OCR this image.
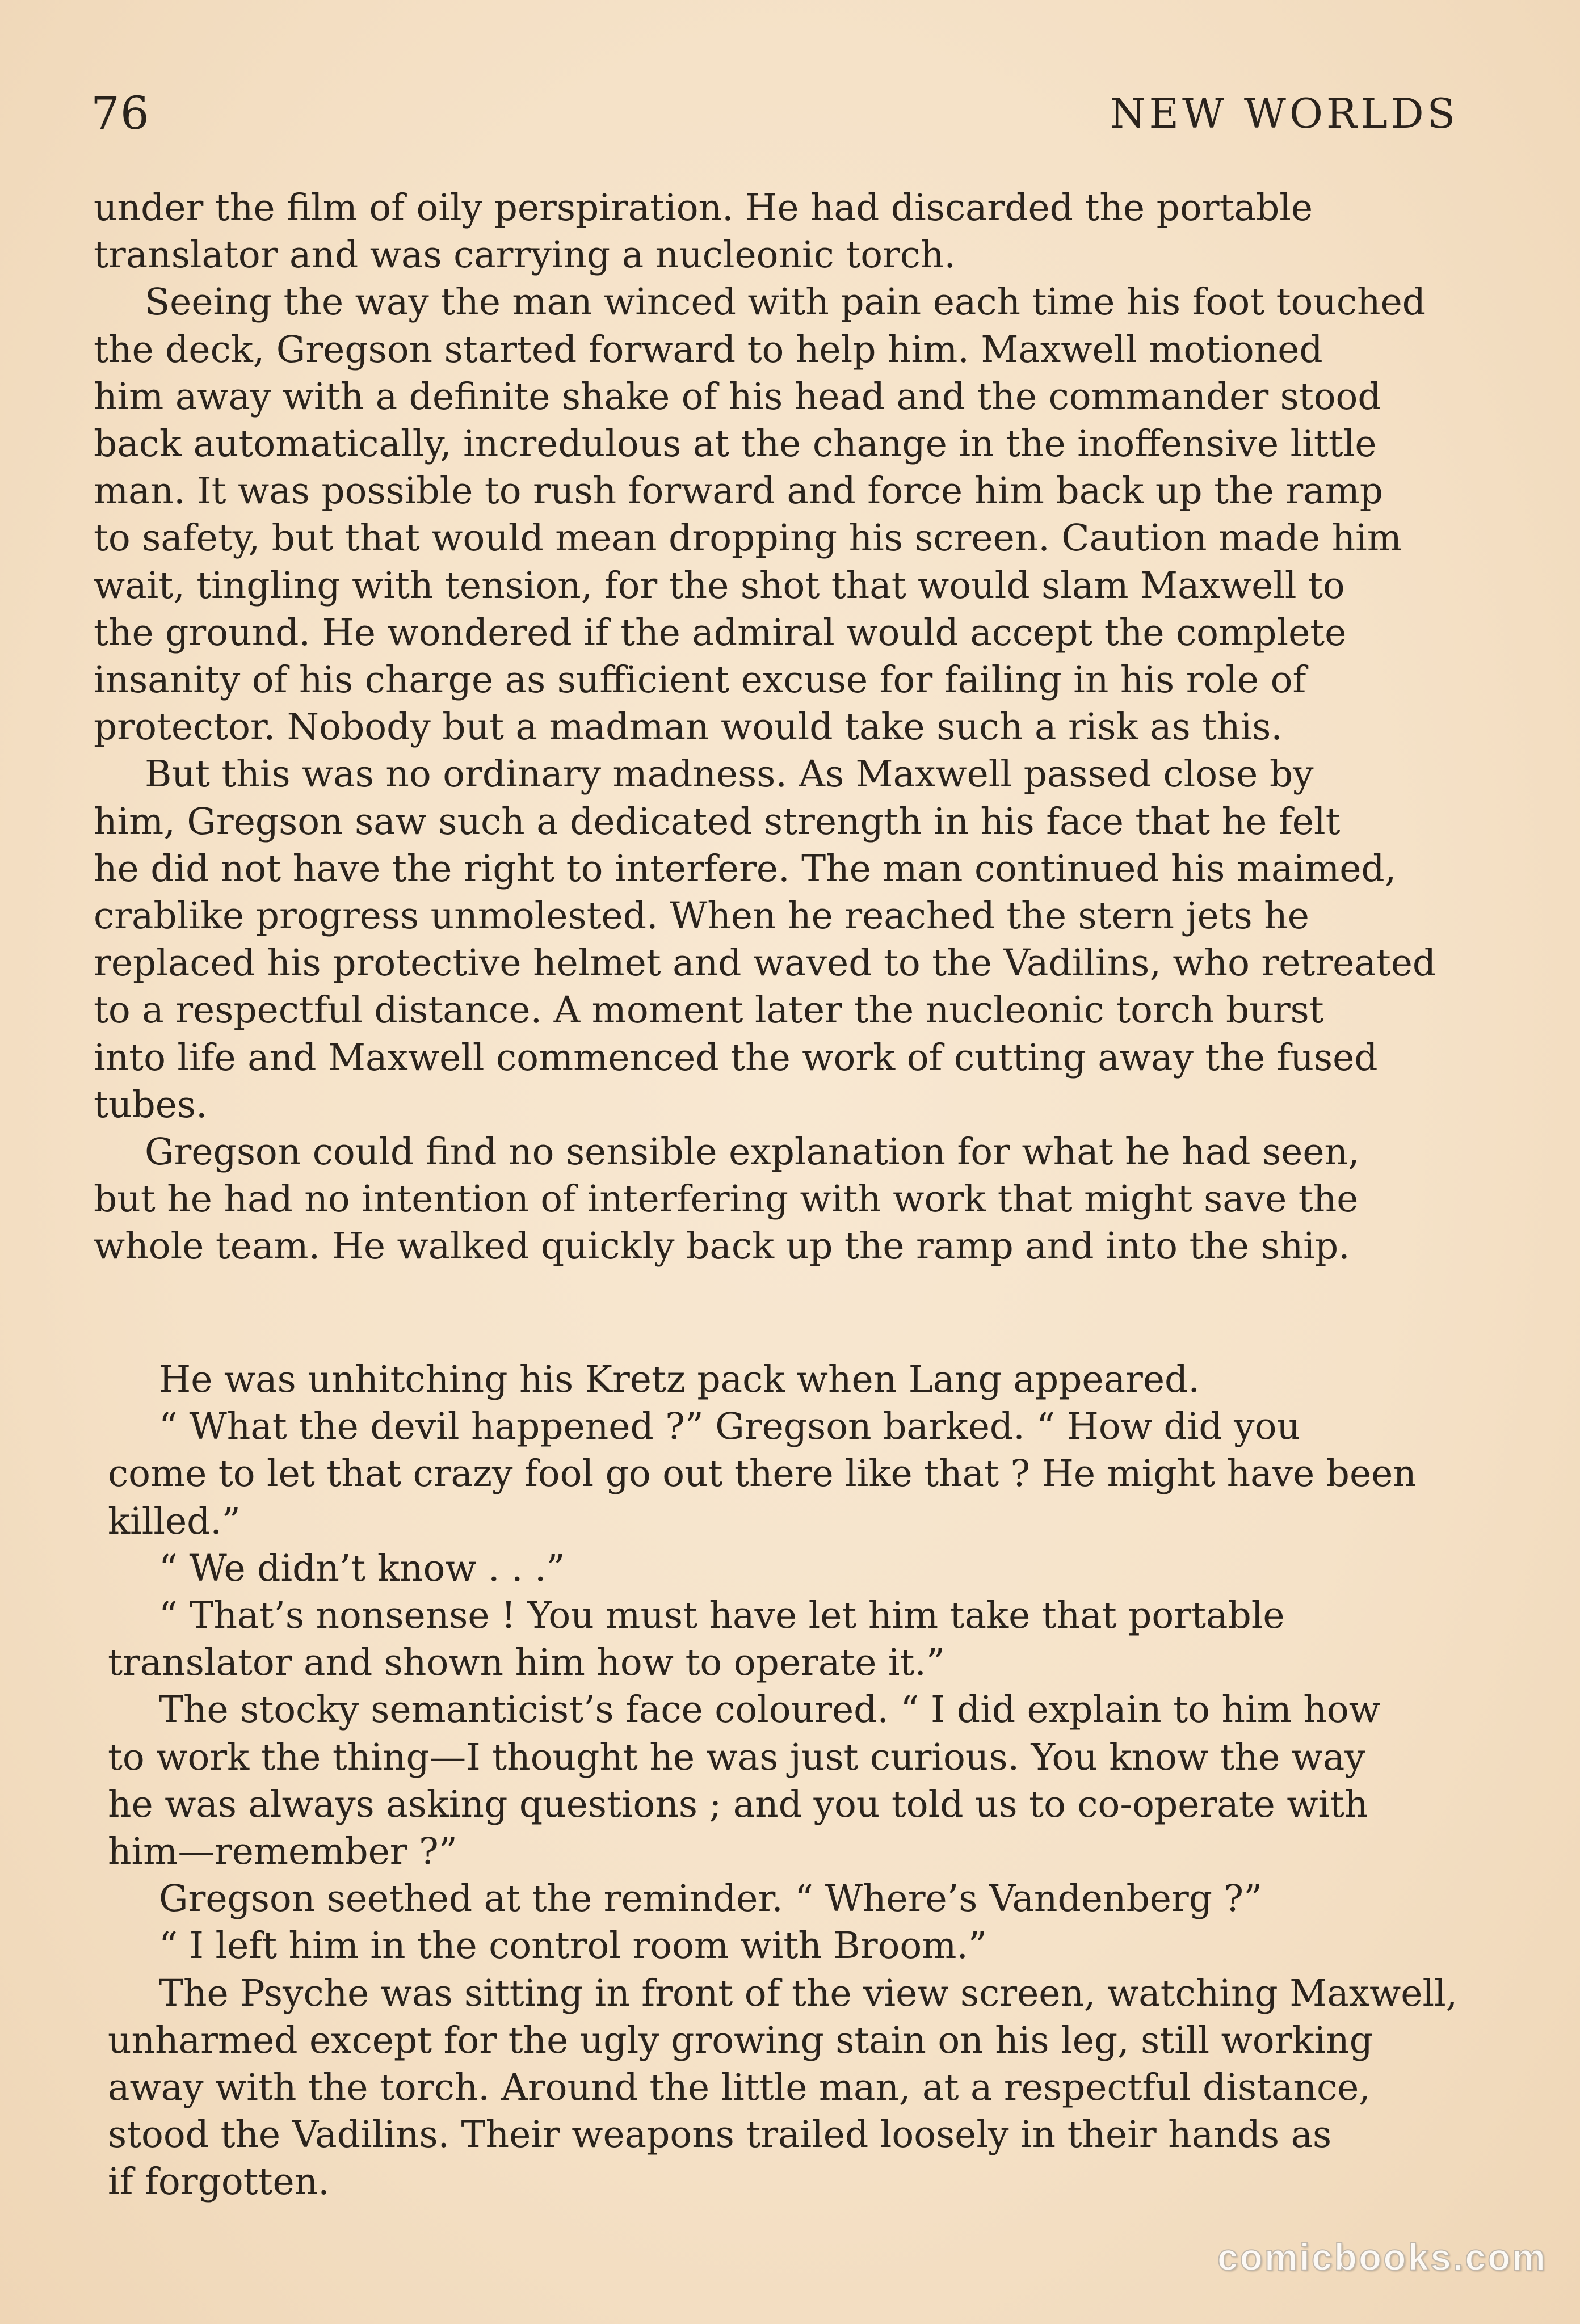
76	NEW WORLDS

under the film of oily perspiration. He had discarded the portable
translator and was carrying a nucleonic torch.

Seeing the way the man winced with pain each time his foot touched
the deck, Gregson started forward to help him. Maxwell motioned
him away with a definite shake of his head and the commander stood
back automatically, incredulous at the change in the inoffensive little
man. It was possible to rush forward and force him back up the ramp
to safety, but that would mean dropping his screen. Caution made him
wait, tingling with tension, for the shot that would slam Maxwell to
the ground. He wondered if the admiral would accept the complete
insanity of his charge as sufficient excuse for failing in his role of
protector. Nobody but a madman would take such a risk as this.

But this was no ordinary madness. As Maxwell passed close by
him, Gregson saw such a dedicated strength in his face that he felt
he did not have the right to interfere. The man continued his maimed,
crablike progress unmolested. When he reached the stern jets he
replaced his protective helmet and waved to the Vadilins, who retreated
to a respectful distance. A moment later the nucleonic torch burst
into life and Maxwell commenced the work of cutting away the fused
tubes.

Gregson could find no sensible explanation for what he had seen,
but he had no intention of interfering with work that might save the
whole team. He walked quickly back up the ramp and into the ship.

He was unhitching his Kretz pack when Lang appeared.

“ What the devil happened ?” Gregson barked. “ How did you
come to let that crazy fool go out there like that ? He might have been
killed.”

“ We didn’t know . . .”

“ That’s nonsense ! You must have let him take that portable
translator and shown him how to operate it.”

The stocky semanticist’s face coloured. “ I did explain to him how
to work the thing—I thought he was just curious. You know the way
he was always asking questions ; and you told us to co-operate with
him—remember ?”

Gregson seethed at the reminder. “ Where’s Vandenberg ?”

“ I left him in the control room with Broom.”

The Psyche was sitting in front of the view screen, watching Maxwell,
unharmed except for the ugly growing stain on his leg, still working
away with the torch. Around the little man, at a respectful distance,
stood the Vadilins. Their weapons trailed loosely in their hands as
if forgotten.

comicbooks.com
